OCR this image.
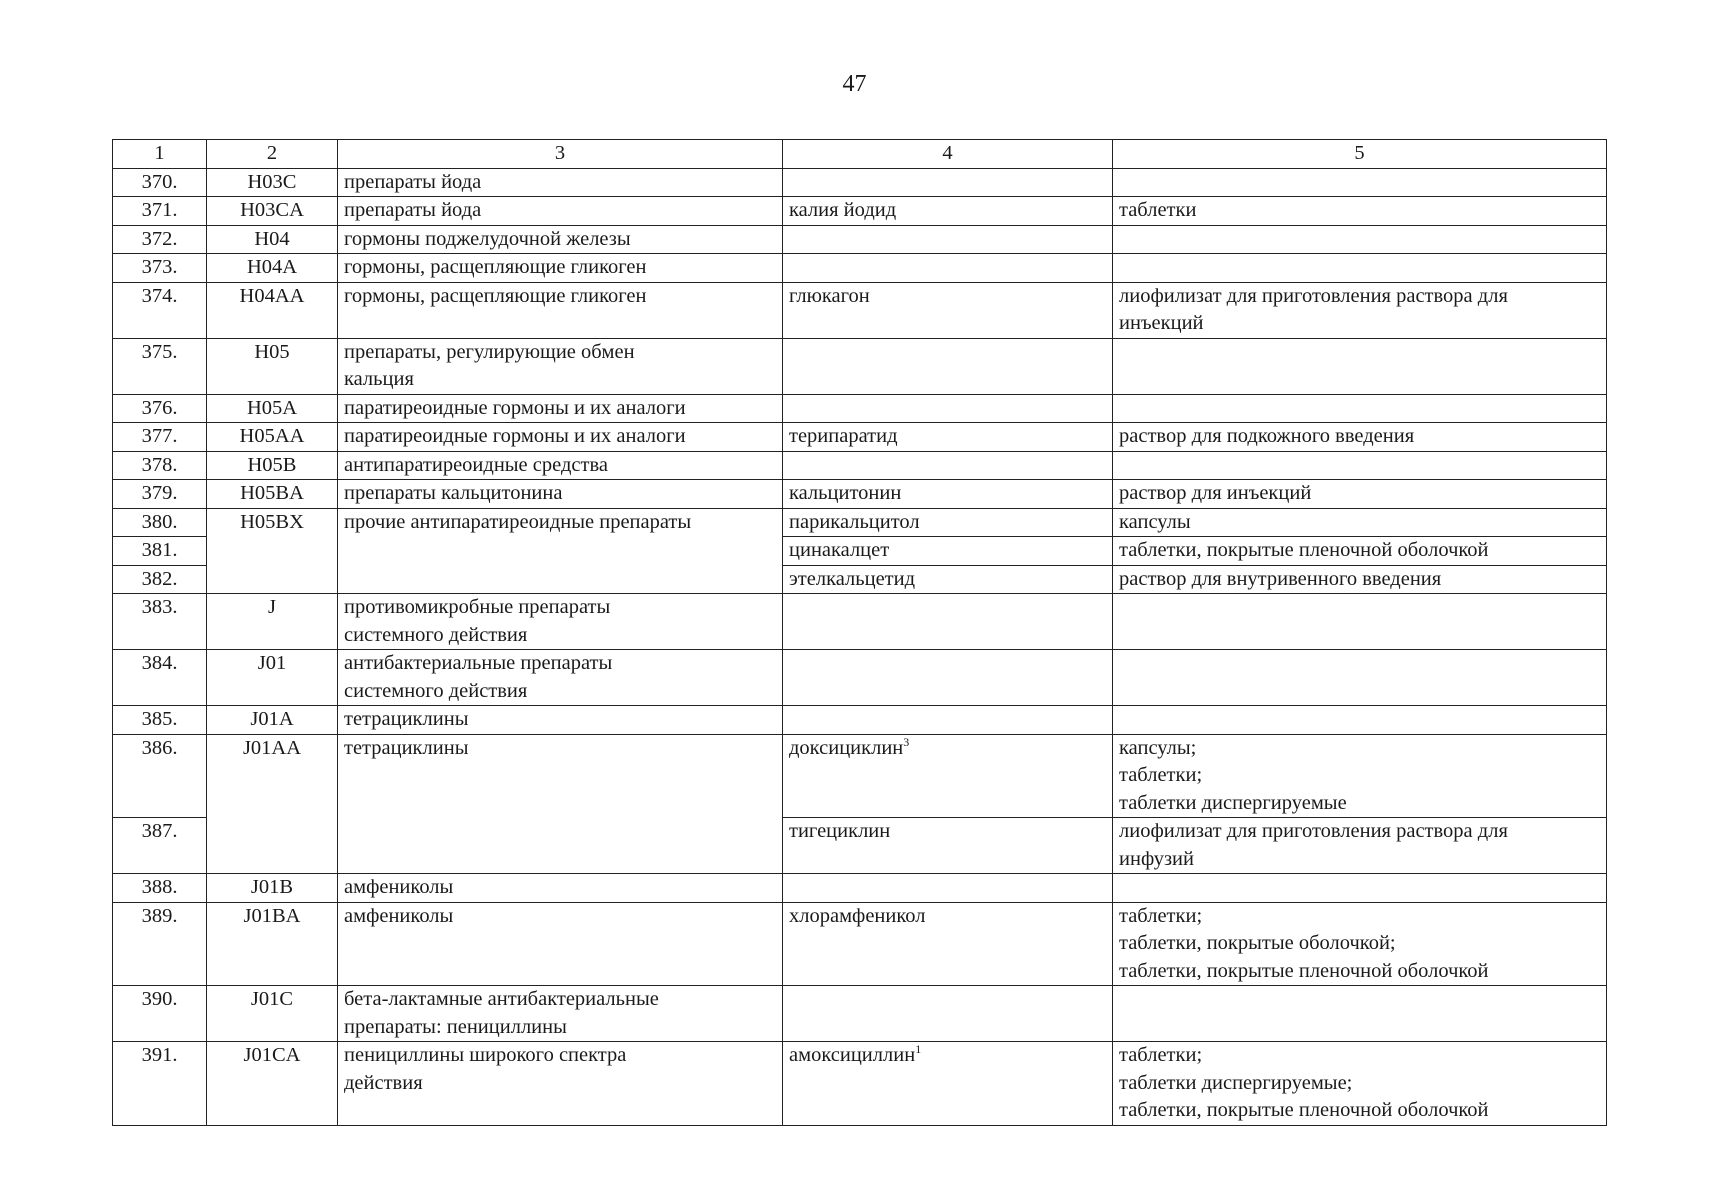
47
1	2	3	4	5
370.	H03C	препараты йода		

371.	H03CA	препараты йода	калия йодид	таблетки

372.	H04	гормоны поджелудочной железы		

373.	H04A	гормоны, расщепляющие гликоген		

374.	H04AA	гормоны, расщепляющие гликоген	глюкагон	лиофилизат для приготовления раствора для
инъекций

375.	H05	препараты, регулирующие обмен
кальция		

376.	H05A	паратиреоидные гормоны и их аналоги		

377.	H05AA	паратиреоидные гормоны и их аналоги	терипаратид	раствор для подкожного введения

378.	H05B	антипаратиреоидные средства		

379.	H05BA	препараты кальцитонина	кальцитонин	раствор для инъекций

380.	H05BX	прочие антипаратиреоидные препараты	парикальцитол	капсулы

381.			цинакалцет	таблетки, покрытые пленочной оболочкой

382.			этелкальцетид	раствор для внутривенного введения

383.	J	противомикробные препараты
системного действия		

384.	J01	антибактериальные препараты
системного действия		

385.	J01A	тетрациклины		

386.	J01AA	тетрациклины	доксициклин$^3$	капсулы;
таблетки;
таблетки диспергируемые

387.			тигециклин	лиофилизат для приготовления раствора для
инфузий

388.	J01B	амфениколы		

389.	J01BA	амфениколы	хлорамфеникол	таблетки;
таблетки, покрытые оболочкой;
таблетки, покрытые пленочной оболочкой

390.	J01C	бета-лактамные антибактериальные
препараты: пенициллины		

391.	J01CA	пенициллины широкого спектра
действия	амоксициллин$^1$	таблетки;
таблетки диспергируемые;
таблетки, покрытые пленочной оболочкой
